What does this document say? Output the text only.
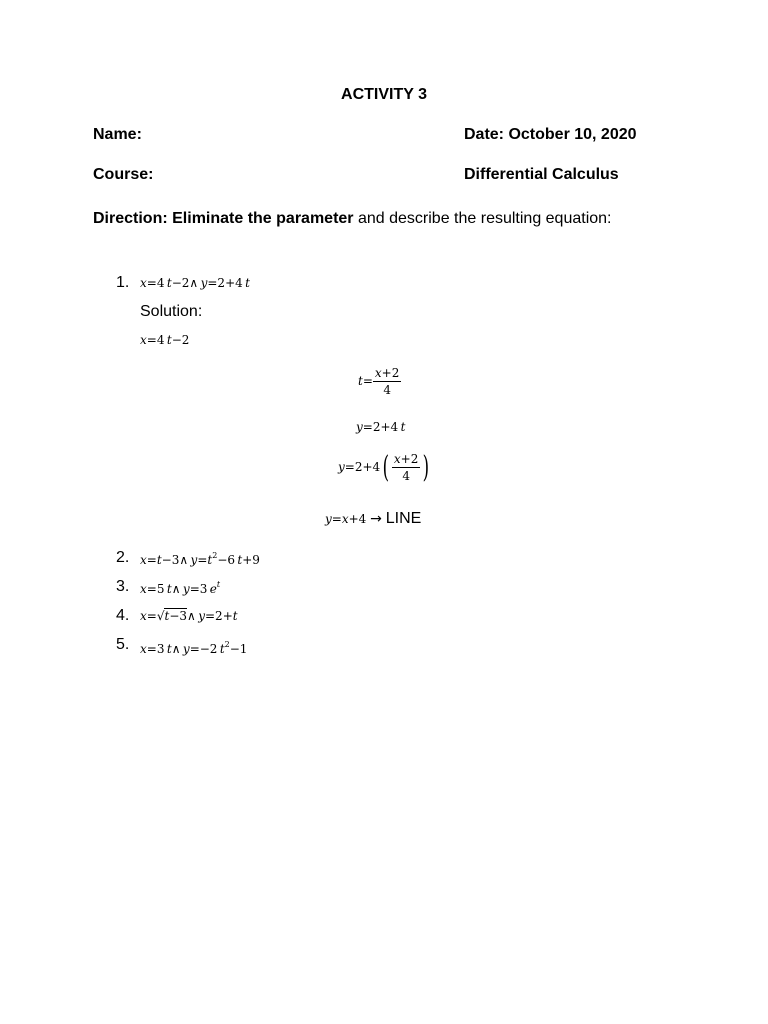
ACTIVITY 3
Name:	Date: October 10, 2020
Course:	Differential Calculus
Direction: Eliminate the parameter and describe the resulting equation:
1. x=4 t−2∧ y=2+4 t
Solution:
x=4 t−2
$t= \frac{x+2}{4}$
y=2+4 t
$y=2+4( \frac{x+2}{4}$ )
y=x+4 → LINE
2. x=t−3∧ $y=t^2-6$ t+9
3. x=5 t∧ y=3 $e^t$
4. x=√t−3∧ y=2+t
5. x=3 t∧ y=−2 $t^2-1$
